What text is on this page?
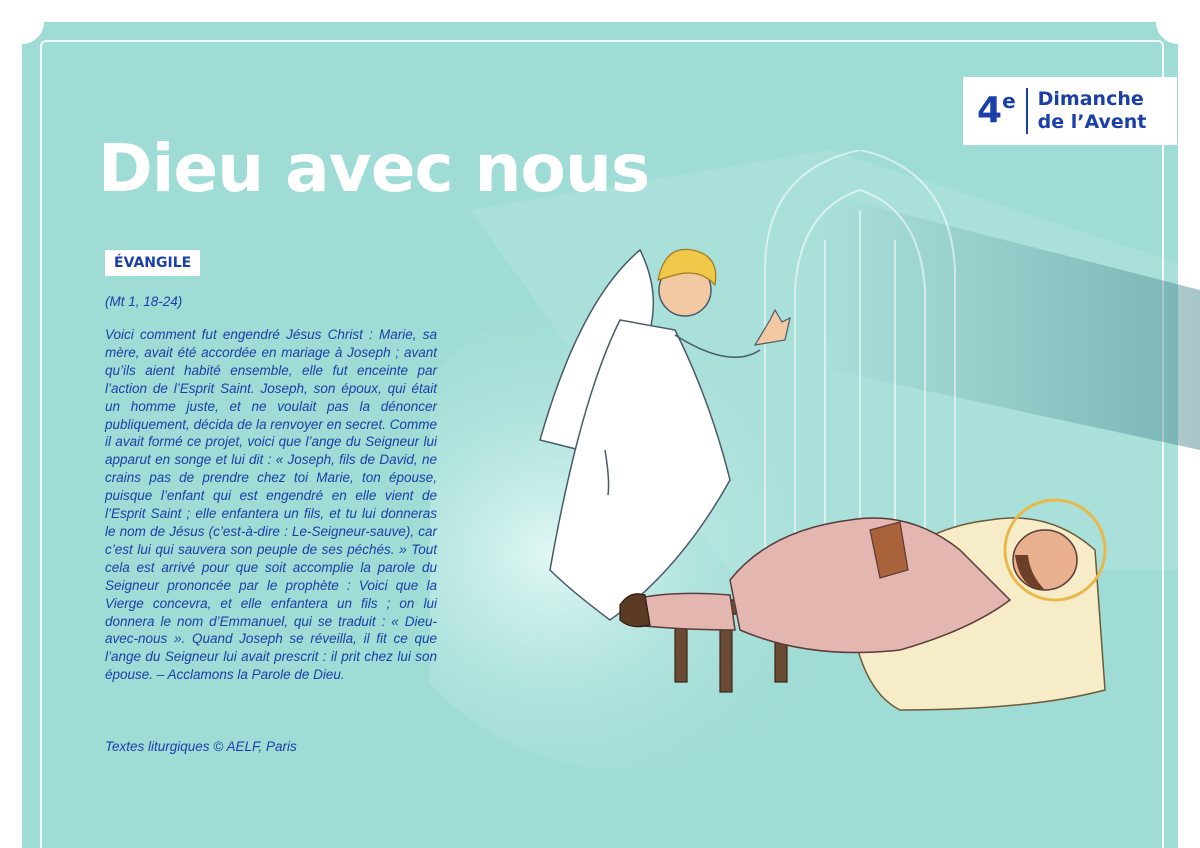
Dieu avec nous
4e Dimanche
de l’Avent
ÉVANGILE
(Mt 1, 18-24)
Voici comment fut engendré Jésus Christ : Marie, sa mère, avait été accordée en mariage à Joseph ; avant qu’ils aient habité ensemble, elle fut enceinte par l’action de l’Esprit Saint. Joseph, son époux, qui était un homme juste, et ne voulait pas la dénoncer publiquement, décida de la renvoyer en secret. Comme il avait formé ce projet, voici que l’ange du Seigneur lui apparut en songe et lui dit : « Joseph, fils de David, ne crains pas de prendre chez toi Marie, ton épouse, puisque l’enfant qui est engendré en elle vient de l’Esprit Saint ; elle enfantera un fils, et tu lui donneras le nom de Jésus (c’est-à-dire : Le-Seigneur-sauve), car c’est lui qui sauvera son peuple de ses péchés. » Tout cela est arrivé pour que soit accomplie la parole du Seigneur prononcée par le prophète : Voici que la Vierge concevra, et elle enfantera un fils ; on lui donnera le nom d’Emmanuel, qui se traduit : « Dieu-avec-nous ». Quand Joseph se réveilla, il fit ce que l’ange du Seigneur lui avait prescrit : il prit chez lui son épouse. – Acclamons la Parole de Dieu.
Textes liturgiques © AELF, Paris
